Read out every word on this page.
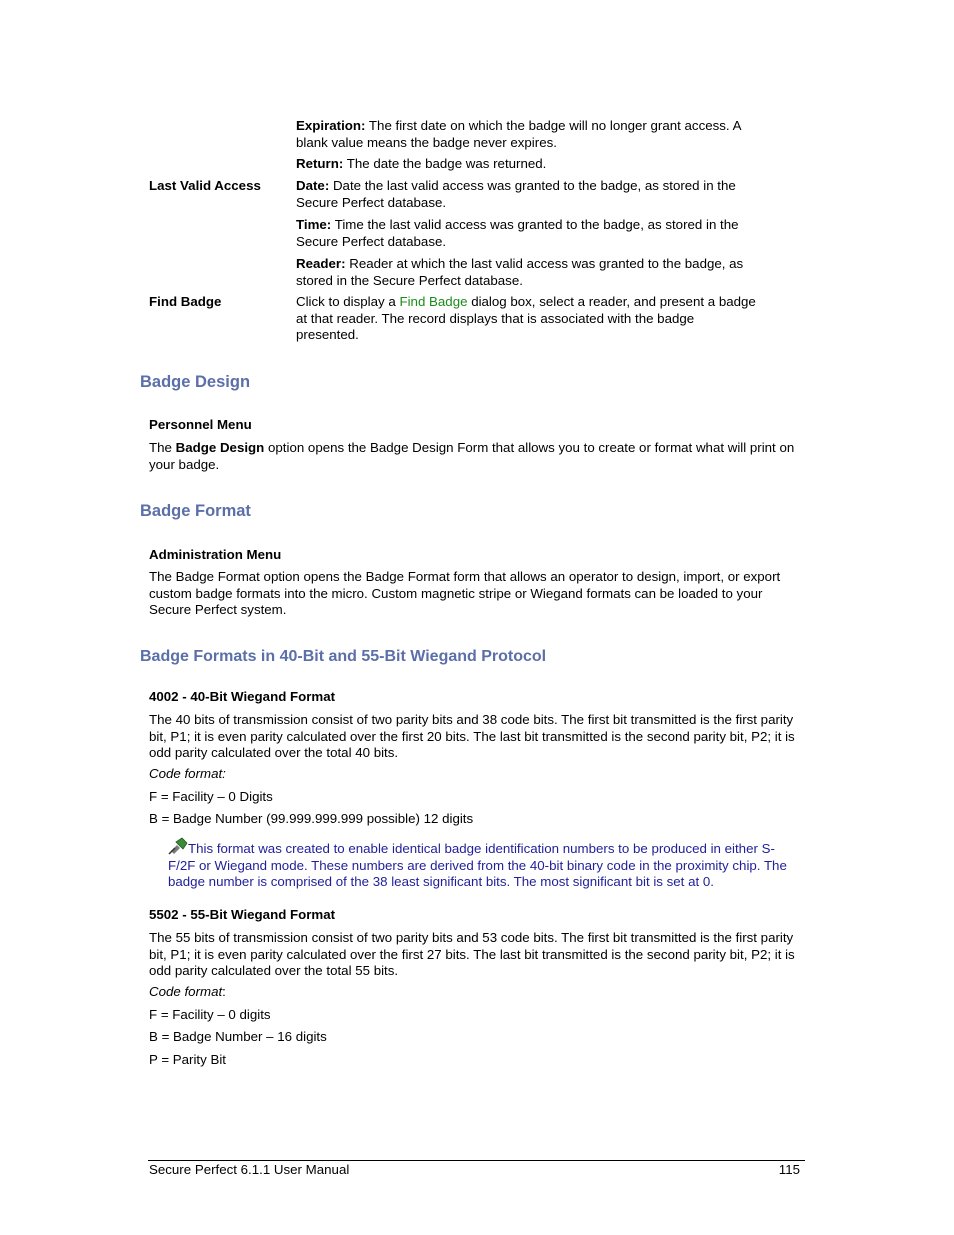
Expiration: The first date on which the badge will no longer grant access. A blank value means the badge never expires.
Return: The date the badge was returned.
Last Valid Access	Date: Date the last valid access was granted to the badge, as stored in the Secure Perfect database.
Time: Time the last valid access was granted to the badge, as stored in the Secure Perfect database.
Reader: Reader at which the last valid access was granted to the badge, as stored in the Secure Perfect database.
Find Badge	Click to display a Find Badge dialog box, select a reader, and present a badge at that reader. The record displays that is associated with the badge presented.
Badge Design
Personnel Menu
The Badge Design option opens the Badge Design Form that allows you to create or format what will print on your badge.
Badge Format
Administration Menu
The Badge Format option opens the Badge Format form that allows an operator to design, import, or export custom badge formats into the micro. Custom magnetic stripe or Wiegand formats can be loaded to your Secure Perfect system.
Badge Formats in 40-Bit and 55-Bit Wiegand Protocol
4002 - 40-Bit Wiegand Format
The 40 bits of transmission consist of two parity bits and 38 code bits. The first bit transmitted is the first parity bit, P1; it is even parity calculated over the first 20 bits. The last bit transmitted is the second parity bit, P2; it is odd parity calculated over the total 40 bits.
Code format:
F = Facility – 0 Digits
B = Badge Number (99.999.999.999 possible) 12 digits
This format was created to enable identical badge identification numbers to be produced in either S-F/2F or Wiegand mode. These numbers are derived from the 40-bit binary code in the proximity chip. The badge number is comprised of the 38 least significant bits. The most significant bit is set at 0.
5502 - 55-Bit Wiegand Format
The 55 bits of transmission consist of two parity bits and 53 code bits. The first bit transmitted is the first parity bit, P1; it is even parity calculated over the first 27 bits. The last bit transmitted is the second parity bit, P2; it is odd parity calculated over the total 55 bits.
Code format:
F = Facility – 0 digits
B = Badge Number – 16 digits
P = Parity Bit
Secure Perfect 6.1.1 User Manual	115
